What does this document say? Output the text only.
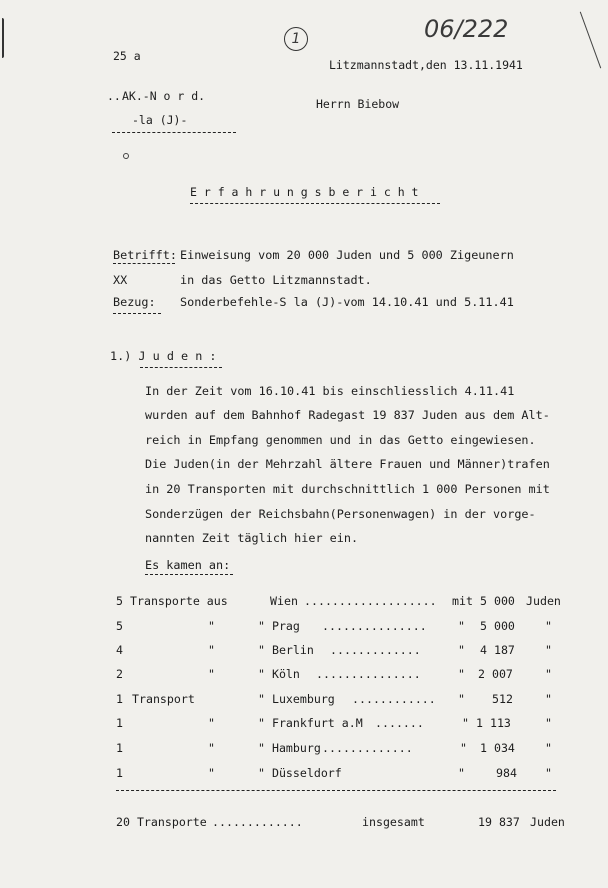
1	06/222
25 a
Litzmannstadt,den 13.11.1941
.. AK.-N o r d.
Herrn Biebow
-la (J)-
E r f a h r u n g s b e r i c h t
Betrifft: Einweisung vom 20 000 Juden und 5 000 Zigeunern
XX	in das Getto Litzmannstadt.
Bezug: Sonderbefehle-S la (J)-vom 14.10.41 und 5.11.41
1.) J u d e n :
In der Zeit vom 16.10.41 bis einschliesslich 4.11.41
wurden auf dem Bahnhof Radegast 19 837 Juden aus dem Alt-
reich in Empfang genommen und in das Getto eingewiesen.
Die Juden(in der Mehrzahl ältere Frauen und Männer)trafen
in 20 Transporten mit durchschnittlich 1 000 Personen mit
Sonderzügen der Reichsbahn(Personenwagen) in der vorge-
nannten Zeit täglich hier ein.
Es kamen an:
5 Transporte aus	Wien ................... mit 5 000 Juden
5	"	" Prag ...............	" 5 000	"
4	"	" Berlin .............	" 4 187	"
2	"	" Köln ...............	" 2 007	"
1 Transport	" Luxemburg ............ " 512	"
1	"	" Frankfurt a.M .......	" 1 113	"
1	"	" Hamburg .............	" 1 034	"
1	"	" Düsseldorf	"	984 "
20 Transporte .............	insgesamt	19 837 Juden
